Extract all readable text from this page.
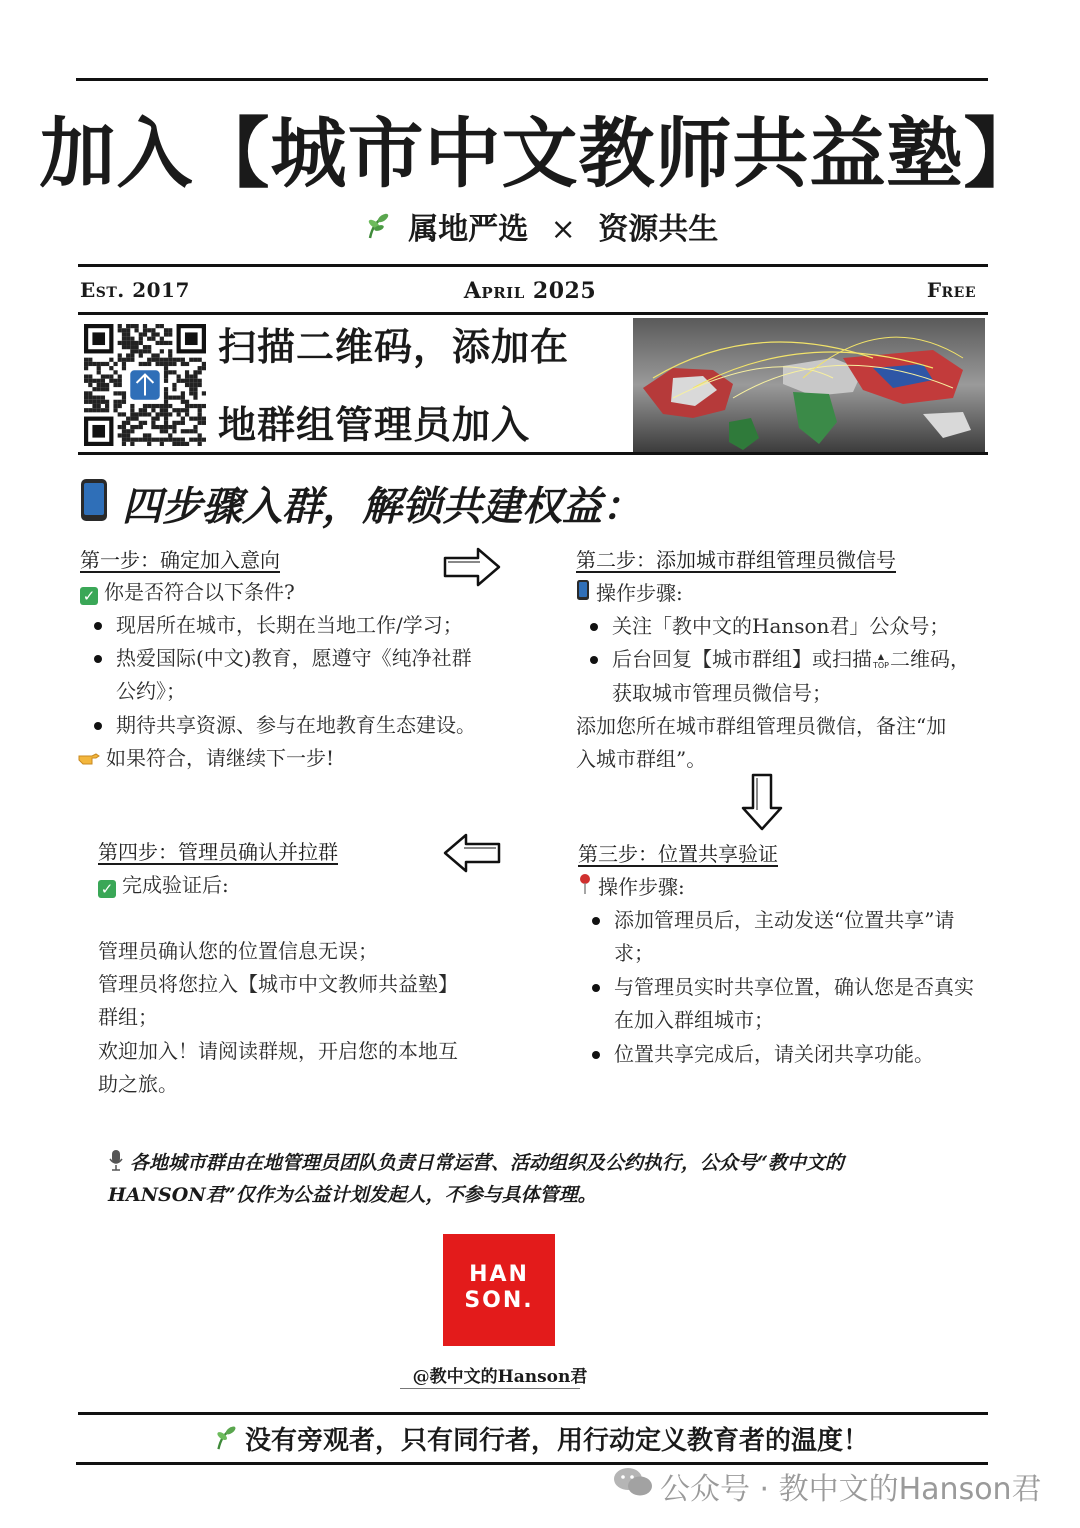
加入【城市中文教师共益塾】
属地严选 × 资源共生
Est. 2017	April 2025	Free
扫描二维码，添加在
地群组管理员加入
四步骤入群，解锁共建权益：
第一步：确定加入意向
✓ 你是否符合以下条件?
现居所在城市，长期在当地工作/学习；
热爱国际(中文)教育，愿遵守《纯净社群
公约》；
期待共享资源、参与在地教育生态建设。
如果符合，请继续下一步!
第二步：添加城市群组管理员微信号
操作步骤:
关注「教中文的Hanson君」公众号；
后台回复【城市群组】或扫描 ▲
TOP二维码，
获取城市管理员微信号；
添加您所在城市群组管理员微信，备注“加
入城市群组”。
第四步：管理员确认并拉群
✓ 完成验证后:
管理员确认您的位置信息无误；
管理员将您拉入【城市中文教师共益塾】
群组；
欢迎加入！请阅读群规，开启您的本地互
助之旅。
第三步：位置共享验证
操作步骤:
添加管理员后，主动发送“位置共享”请
求；
与管理员实时共享位置，确认您是否真实
在加入群组城市；
位置共享完成后，请关闭共享功能。
各地城市群由在地管理员团队负责日常运营、活动组织及公约执行，公众号“教中文的
HANSON君”仅作为公益计划发起人，不参与具体管理。
HAN
SON.
@教中文的Hanson君
没有旁观者，只有同行者，用行动定义教育者的温度！
公众号 · 教中文的Hanson君
